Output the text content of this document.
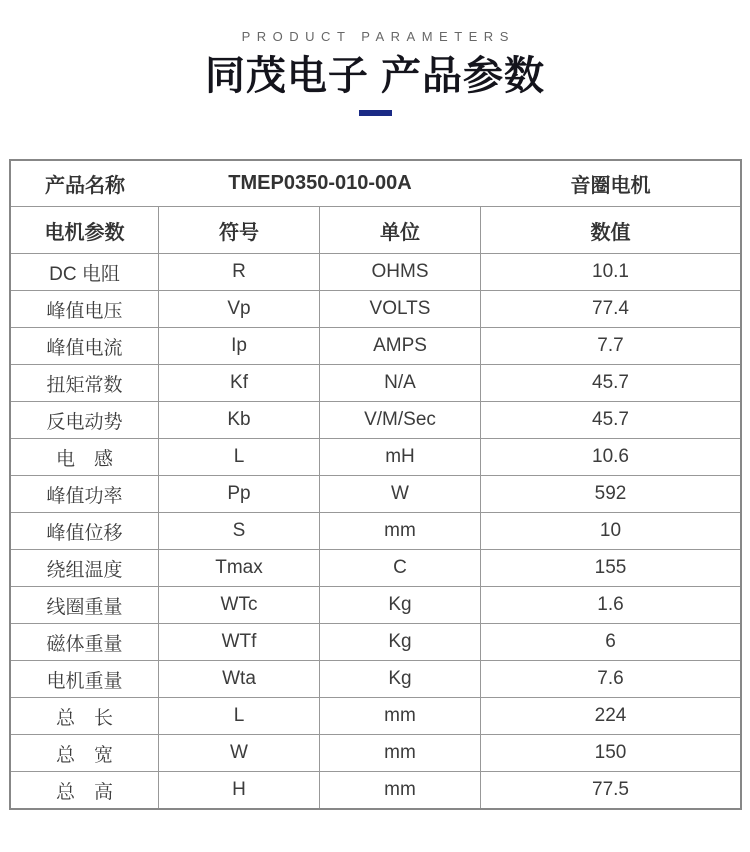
PRODUCT PARAMETERS
同茂电子 产品参数
产品名称	TMEP0350-010-00A	音圈电机
电机参数	符号	单位	数值
DC 电阻	R	OHMS	10.1
峰值电压	Vp	VOLTS	77.4
峰值电流	Ip	AMPS	7.7
扭矩常数	Kf	N/A	45.7
反电动势	Kb	V/M/Sec	45.7
电　感	L	mH	10.6
峰值功率	Pp	W	592
峰值位移	S	mm	10
绕组温度	Tmax	C	155
线圈重量	WTc	Kg	1.6
磁体重量	WTf	Kg	6
电机重量	Wta	Kg	7.6
总　长	L	mm	224
总　宽	W	mm	150
总　高	H	mm	77.5
